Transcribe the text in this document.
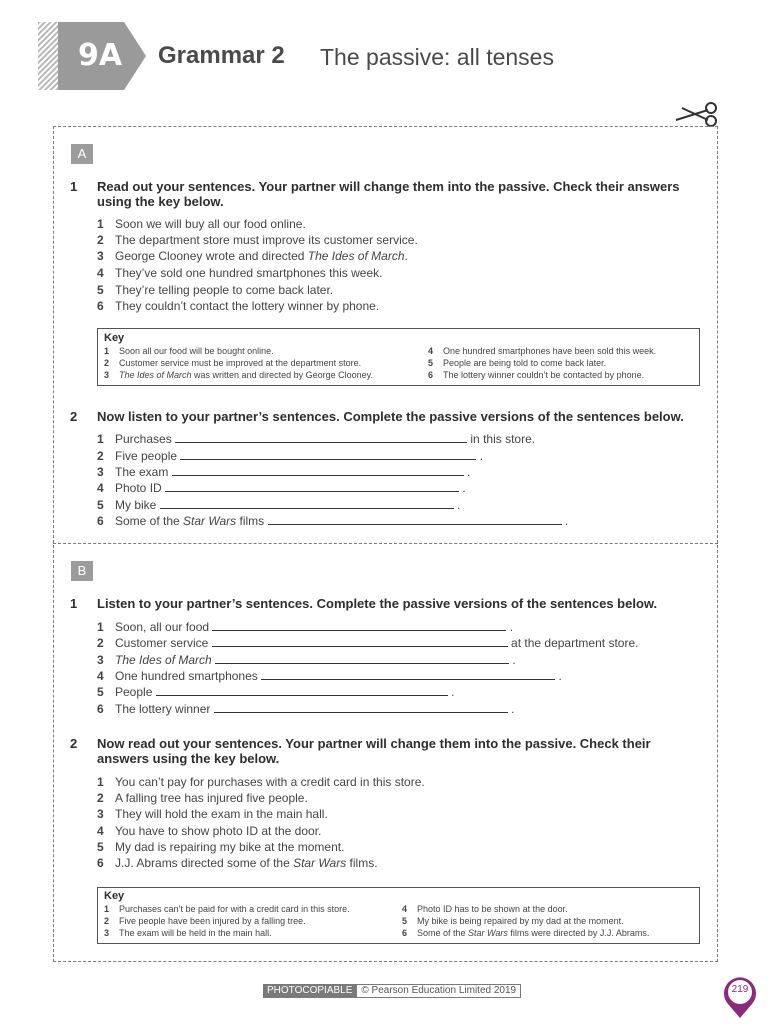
9A Grammar 2 The passive: all tenses
A
1 Read out your sentences. Your partner will change them into the passive. Check their answers using the key below.
1 Soon we will buy all our food online.
2 The department store must improve its customer service.
3 George Clooney wrote and directed The Ides of March.
4 They’ve sold one hundred smartphones this week.
5 They’re telling people to come back later.
6 They couldn’t contact the lottery winner by phone.
Key
1 Soon all our food will be bought online.
2 Customer service must be improved at the department store.
3 The Ides of March was written and directed by George Clooney.
4 One hundred smartphones have been sold this week.
5 People are being told to come back later.
6 The lottery winner couldn’t be contacted by phone.
2 Now listen to your partner’s sentences. Complete the passive versions of the sentences below.
1 Purchases	in this store.
2 Five people	.
3 The exam	.
4 Photo ID	.
5 My bike	.
6 Some of the Star Wars films	.
B
1 Listen to your partner’s sentences. Complete the passive versions of the sentences below.
1 Soon, all our food	.
2 Customer service	at the department store.
3 The Ides of March	.
4 One hundred smartphones	.
5 People	.
6 The lottery winner	.
2 Now read out your sentences. Your partner will change them into the passive. Check their answers using the key below.
1 You can’t pay for purchases with a credit card in this store.
2 A falling tree has injured five people.
3 They will hold the exam in the main hall.
4 You have to show photo ID at the door.
5 My dad is repairing my bike at the moment.
6 J.J. Abrams directed some of the Star Wars films.
Key
1 Purchases can’t be paid for with a credit card in this store.
2 Five people have been injured by a falling tree.
3 The exam will be held in the main hall.
4 Photo ID has to be shown at the door.
5 My bike is being repaired by my dad at the moment.
6 Some of the Star Wars films were directed by J.J. Abrams.
PHOTOCOPIABLE © Pearson Education Limited 2019	219
